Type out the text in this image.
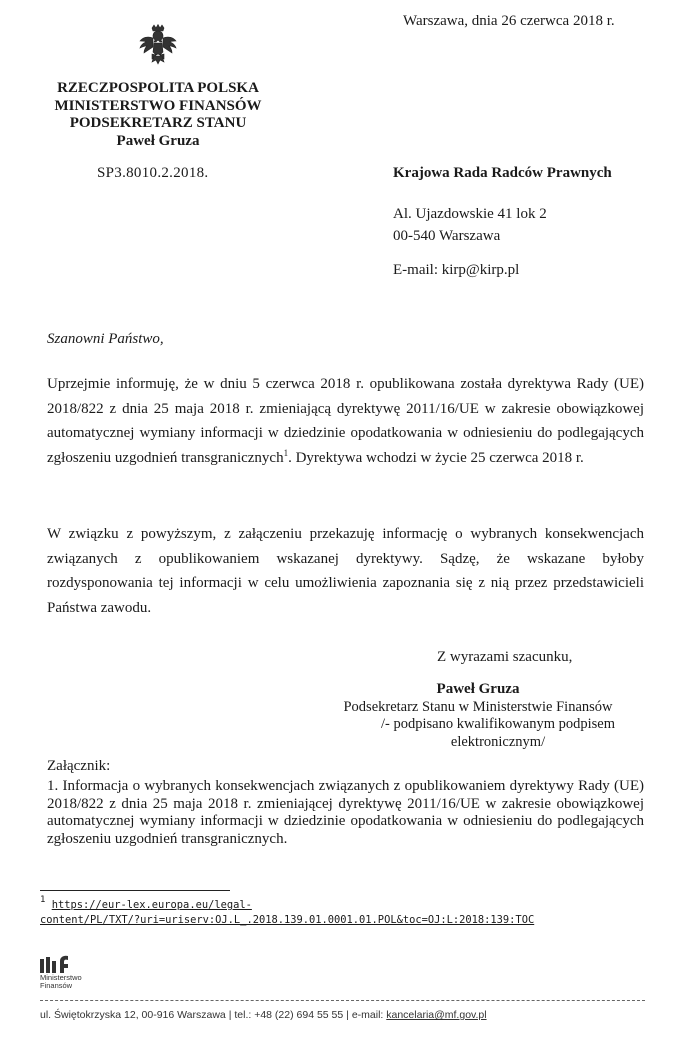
Warszawa, dnia 26 czerwca 2018 r.
RZECZPOSPOLITA POLSKA
MINISTERSTWO FINANSÓW
PODSEKRETARZ STANU
Paweł Gruza
SP3.8010.2.2018.	Krajowa Rada Radców Prawnych
Al. Ujazdowskie 41 lok 2
00-540 Warszawa
E-mail: kirp@kirp.pl
Szanowni Państwo,
Uprzejmie informuję, że w dniu 5 czerwca 2018 r. opublikowana została dyrektywa Rady (UE) 2018/822 z dnia 25 maja 2018 r. zmieniającą dyrektywę 2011/16/UE w zakresie obowiązkowej automatycznej wymiany informacji w dziedzinie opodatkowania w odniesieniu do podlegających zgłoszeniu uzgodnień transgranicznych$^1$. Dyrektywa wchodzi w życie 25 czerwca 2018 r.
W związku z powyższym, z załączeniu przekazuję informację o wybranych konsekwencjach związanych z opublikowaniem wskazanej dyrektywy. Sądzę, że wskazane byłoby rozdysponowania tej informacji w celu umożliwienia zapoznania się z nią przez przedstawicieli Państwa zawodu.
Z wyrazami szacunku,
Paweł Gruza
Podsekretarz Stanu w Ministerstwie Finansów
/- podpisano kwalifikowanym podpisem elektronicznym/
Załącznik:
1. Informacja o wybranych konsekwencjach związanych z opublikowaniem dyrektywy Rady (UE) 2018/822 z dnia 25 maja 2018 r. zmieniającej dyrektywę 2011/16/UE w zakresie obowiązkowej automatycznej wymiany informacji w dziedzinie opodatkowania w odniesieniu do podlegających zgłoszeniu uzgodnień transgranicznych.
$^1$ https://eur-lex.europa.eu/legal-
content/PL/TXT/?uri=uriserv:OJ.L_.2018.139.01.0001.01.POL&toc=OJ:L:2018:139:TOC
Ministerstwo
Finansów
ul. Świętokrzyska 12, 00-916 Warszawa | tel.: +48 (22) 694 55 55 | e-mail: kancelaria@mf.gov.pl
